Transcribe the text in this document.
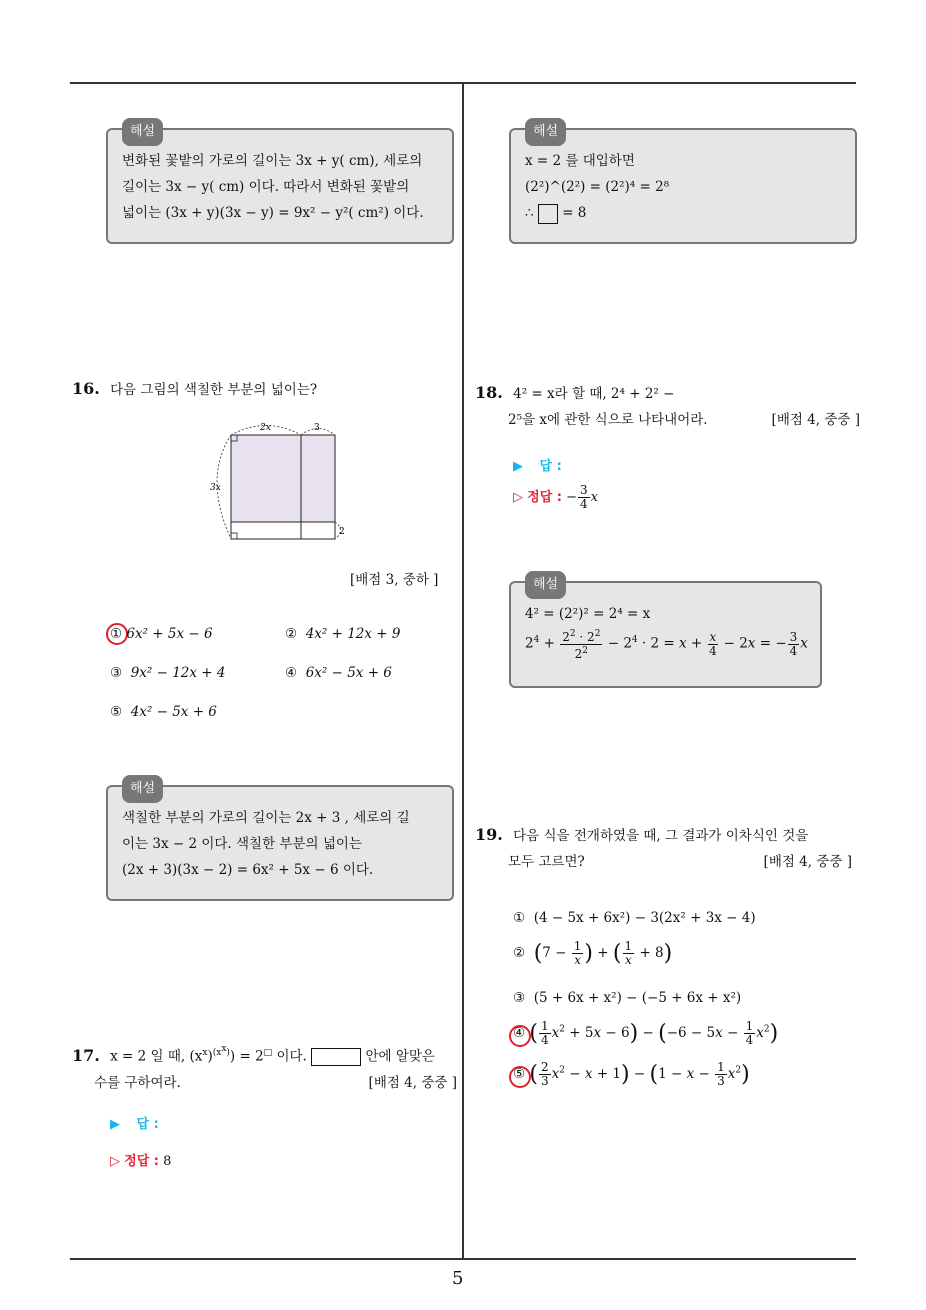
5
해설
변화된 꽃밭의 가로의 길이는 3x + y( cm), 세로의
길이는 3x − y( cm) 이다. 따라서 변화된 꽃밭의
넓이는 (3x + y)(3x − y) = 9x² − y²( cm²) 이다.
16. 다음 그림의 색칠한 부분의 넓이는?
2x	3
3x
2
[배점 3, 중하 ]
① 6x² + 5x − 6	② 4x² + 12x + 9
③ 9x² − 12x + 4	④ 6x² − 5x + 6
⑤ 4x² − 5x + 6
해설
색칠한 부분의 가로의 길이는 2x + 3 , 세로의 길
이는 3x − 2 이다. 색칠한 부분의 넓이는
(2x + 3)(3x − 2) = 6x² + 5x − 6 이다.
17. x = 2 일 때, $(x^x)^{(x^x)}) = 2^□$ 이다.	안에 알맞은
수를 구하여라.	[배점 4, 중중 ]
▶ 답 :
▷ 정답 : 8
해설
x = 2 를 대입하면
(2²)^(2²) = (2²)⁴ = 2⁸
∴ = 8
18. 4² = x라 할 때, 2⁴ + 2² −
2⁵을 x에 관한 식으로 나타내어라.	[배점 4, 중중 ]
▶ 답 :
▷ 정답 : − $\frac{3}{4}$ x
해설
4² = (2²)² = 2⁴ = x
$2^4 + \frac{2^2 \cdot 2^2}{2^2} - 2^4 \cdot 2 = x + \frac{x}{4} - 2x$ = − $\frac{3}{4}$ x
19. 다음 식을 전개하였을 때, 그 결과가 이차식인 것을
모두 고르면?	[배점 4, 중중 ]
① (4 − 5x + 6x²) − 3(2x² + 3x − 4)
② ($7 - \frac{1}{x}$ ) + ( $\frac{1}{x} + 8$)
③ (5 + 6x + x²) − (−5 + 6x + x²)
④ ( $\frac{1}{4} x^2 + 5x - 6) - (-6 - 5x - \frac{1}{4} x^2)$
⑤ ( $\frac{2}{3} x^2 - x + 1) - (1 - x - \frac{1}{3} x^2)$
